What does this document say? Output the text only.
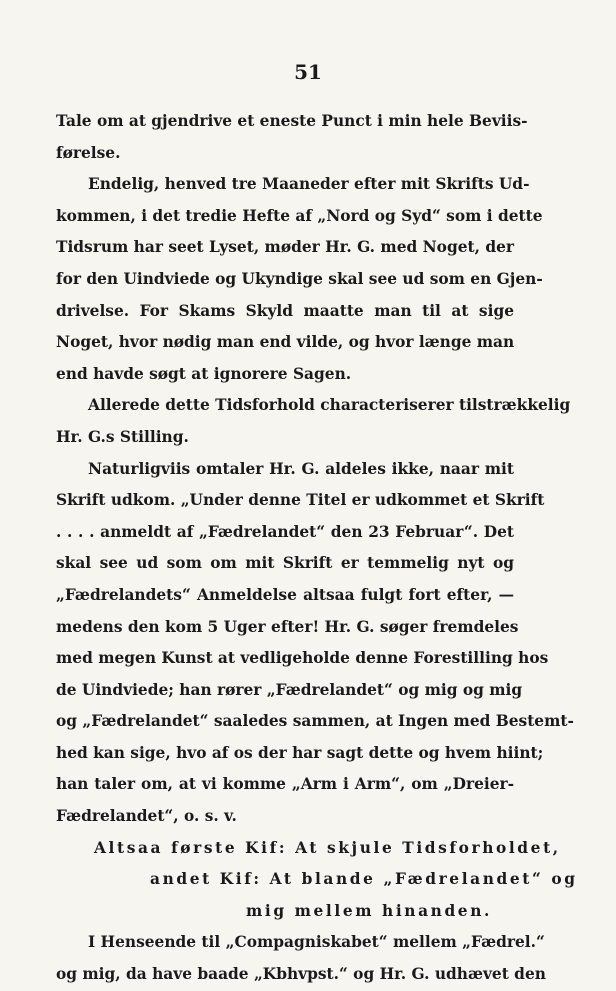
51
Tale om at gjendrive et eneste Punct i min hele Beviis-
førelse.
Endelig, henved tre Maaneder efter mit Skrifts Ud-
kommen, i det tredie Hefte af „Nord og Syd“ som i dette
Tidsrum har seet Lyset, møder Hr. G. med Noget, der
for den Uindviede og Ukyndige skal see ud som en Gjen-
drivelse. For Skams Skyld maatte man til at sige
Noget, hvor nødig man end vilde, og hvor længe man
end havde søgt at ignorere Sagen.
Allerede dette Tidsforhold characteriserer tilstrækkelig
Hr. G.s Stilling.
Naturligviis omtaler Hr. G. aldeles ikke, naar mit
Skrift udkom. „Under denne Titel er udkommet et Skrift
. . . . anmeldt af „Fædrelandet“ den 23 Februar“. Det
skal see ud som om mit Skrift er temmelig nyt og
„Fædrelandets“ Anmeldelse altsaa fulgt fort efter, —
medens den kom 5 Uger efter! Hr. G. søger fremdeles
med megen Kunst at vedligeholde denne Forestilling hos
de Uindviede; han rører „Fædrelandet“ og mig og mig
og „Fædrelandet“ saaledes sammen, at Ingen med Bestemt-
hed kan sige, hvo af os der har sagt dette og hvem hiint;
han taler om, at vi komme „Arm i Arm“, om „Dreier-
Fædrelandet“, o. s. v.
Altsaa første Kif: At skjule Tidsforholdet,
andet Kif: At blande „Fædrelandet“ og
mig mellem hinanden.
I Henseende til „Compagniskabet“ mellem „Fædrel.“
og mig, da have baade „Kbhvpst.“ og Hr. G. udhævet den
